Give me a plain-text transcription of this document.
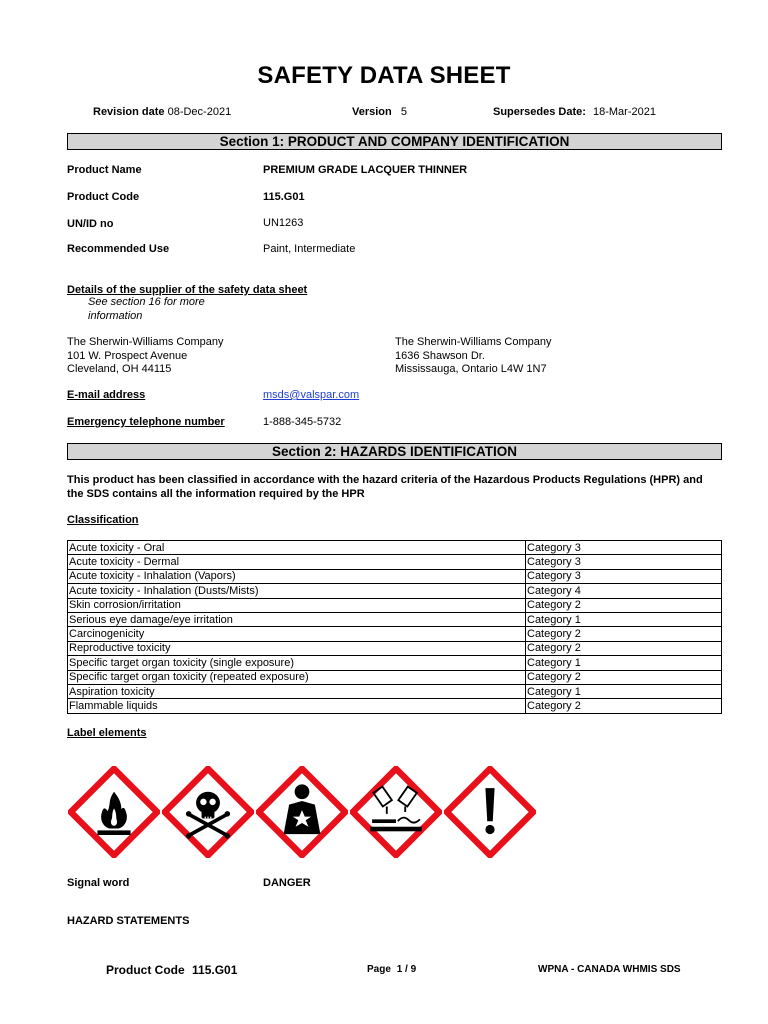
SAFETY DATA SHEET
Revision date 08-Dec-2021	Version 5	Supersedes Date: 18-Mar-2021
Section 1: PRODUCT AND COMPANY IDENTIFICATION
Product Name	PREMIUM GRADE LACQUER THINNER
Product Code	115.G01
UN/ID no	UN1263
Recommended Use	Paint, Intermediate
Details of the supplier of the safety data sheet
See section 16 for more
information
The Sherwin-Williams Company
101 W. Prospect Avenue
Cleveland, OH 44115
The Sherwin-Williams Company
1636 Shawson Dr.
Mississauga, Ontario L4W 1N7
E-mail address	msds@valspar.com
Emergency telephone number	1-888-345-5732
Section 2: HAZARDS IDENTIFICATION
This product has been classified in accordance with the hazard criteria of the Hazardous Products Regulations (HPR) and
the SDS contains all the information required by the HPR
Classification
Acute toxicity - Oral	Category 3
Acute toxicity - Dermal	Category 3
Acute toxicity - Inhalation (Vapors)	Category 3
Acute toxicity - Inhalation (Dusts/Mists)	Category 4
Skin corrosion/irritation	Category 2
Serious eye damage/eye irritation	Category 1
Carcinogenicity	Category 2
Reproductive toxicity	Category 2
Specific target organ toxicity (single exposure)	Category 1
Specific target organ toxicity (repeated exposure)	Category 2
Aspiration toxicity	Category 1
Flammable liquids	Category 2
Label elements
Signal word	DANGER
HAZARD STATEMENTS
Product Code 115.G01	Page 1 / 9	WPNA - CANADA WHMIS SDS
